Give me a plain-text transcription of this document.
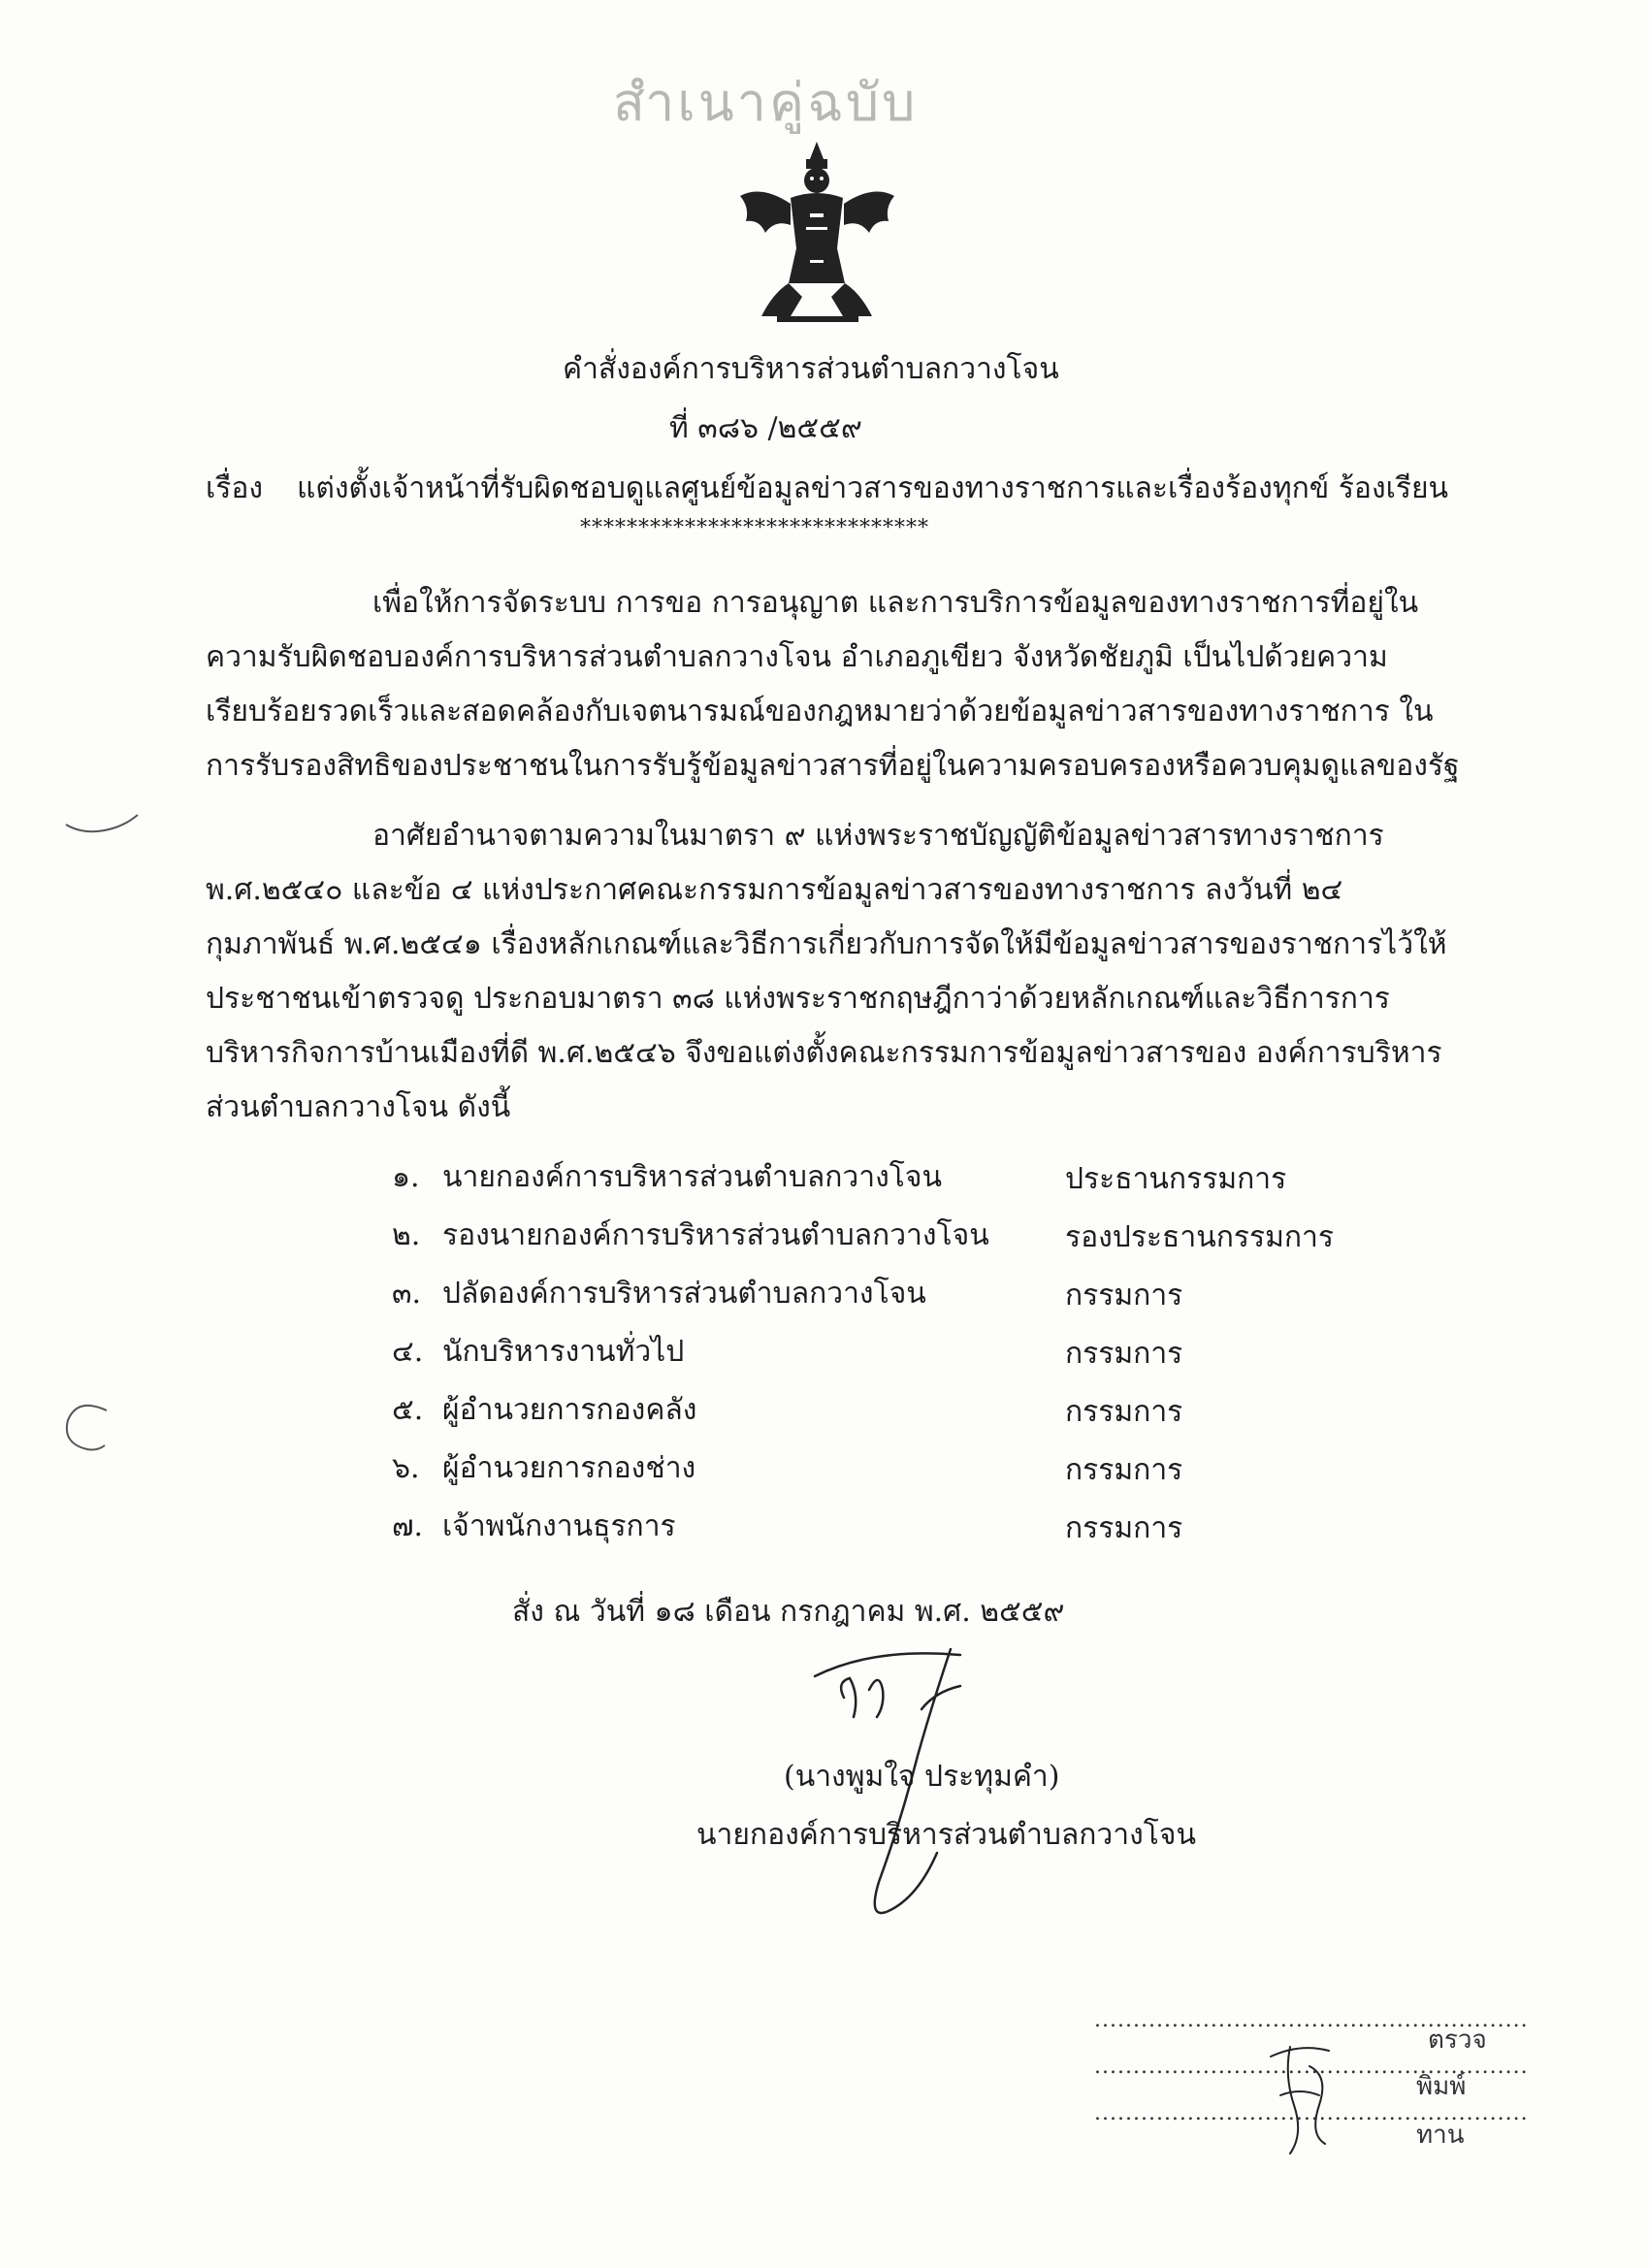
สำเนาคู่ฉบับ
คำสั่งองค์การบริหารส่วนตำบลกวางโจน
ที่ ๓๘๖ /๒๕๕๙
เรื่อง แต่งตั้งเจ้าหน้าที่รับผิดชอบดูแลศูนย์ข้อมูลข่าวสารของทางราชการและเรื่องร้องทุกข์ ร้องเรียน
******************************
เพื่อให้การจัดระบบ การขอ การอนุญาต และการบริการข้อมูลของทางราชการที่อยู่ใน
ความรับผิดชอบองค์การบริหารส่วนตำบลกวางโจน อำเภอภูเขียว จังหวัดชัยภูมิ เป็นไปด้วยความ
เรียบร้อยรวดเร็วและสอดคล้องกับเจตนารมณ์ของกฎหมายว่าด้วยข้อมูลข่าวสารของทางราชการ ใน
การรับรองสิทธิของประชาชนในการรับรู้ข้อมูลข่าวสารที่อยู่ในความครอบครองหรือควบคุมดูแลของรัฐ
อาศัยอำนาจตามความในมาตรา ๙ แห่งพระราชบัญญัติข้อมูลข่าวสารทางราชการ
พ.ศ.๒๕๔๐ และข้อ ๔ แห่งประกาศคณะกรรมการข้อมูลข่าวสารของทางราชการ ลงวันที่ ๒๔
กุมภาพันธ์ พ.ศ.๒๕๔๑ เรื่องหลักเกณฑ์และวิธีการเกี่ยวกับการจัดให้มีข้อมูลข่าวสารของราชการไว้ให้
ประชาชนเข้าตรวจดู ประกอบมาตรา ๓๘ แห่งพระราชกฤษฎีกาว่าด้วยหลักเกณฑ์และวิธีการการ
บริหารกิจการบ้านเมืองที่ดี พ.ศ.๒๕๔๖ จึงขอแต่งตั้งคณะกรรมการข้อมูลข่าวสารของ องค์การบริหาร
ส่วนตำบลกวางโจน ดังนี้
๑. นายกองค์การบริหารส่วนตำบลกวางโจน	ประธานกรรมการ
๒. รองนายกองค์การบริหารส่วนตำบลกวางโจน	รองประธานกรรมการ
๓. ปลัดองค์การบริหารส่วนตำบลกวางโจน	กรรมการ
๔. นักบริหารงานทั่วไป	กรรมการ
๕. ผู้อำนวยการกองคลัง	กรรมการ
๖. ผู้อำนวยการกองช่าง	กรรมการ
๗. เจ้าพนักงานธุรการ	กรรมการ
สั่ง ณ วันที่ ๑๘ เดือน กรกฎาคม พ.ศ. ๒๕๕๙
(นางพูมใจ ประทุมคำ)
นายกองค์การบริหารส่วนตำบลกวางโจน
........................................................
ตรวจ
........................................................
พิมพ์
........................................................
ทาน
